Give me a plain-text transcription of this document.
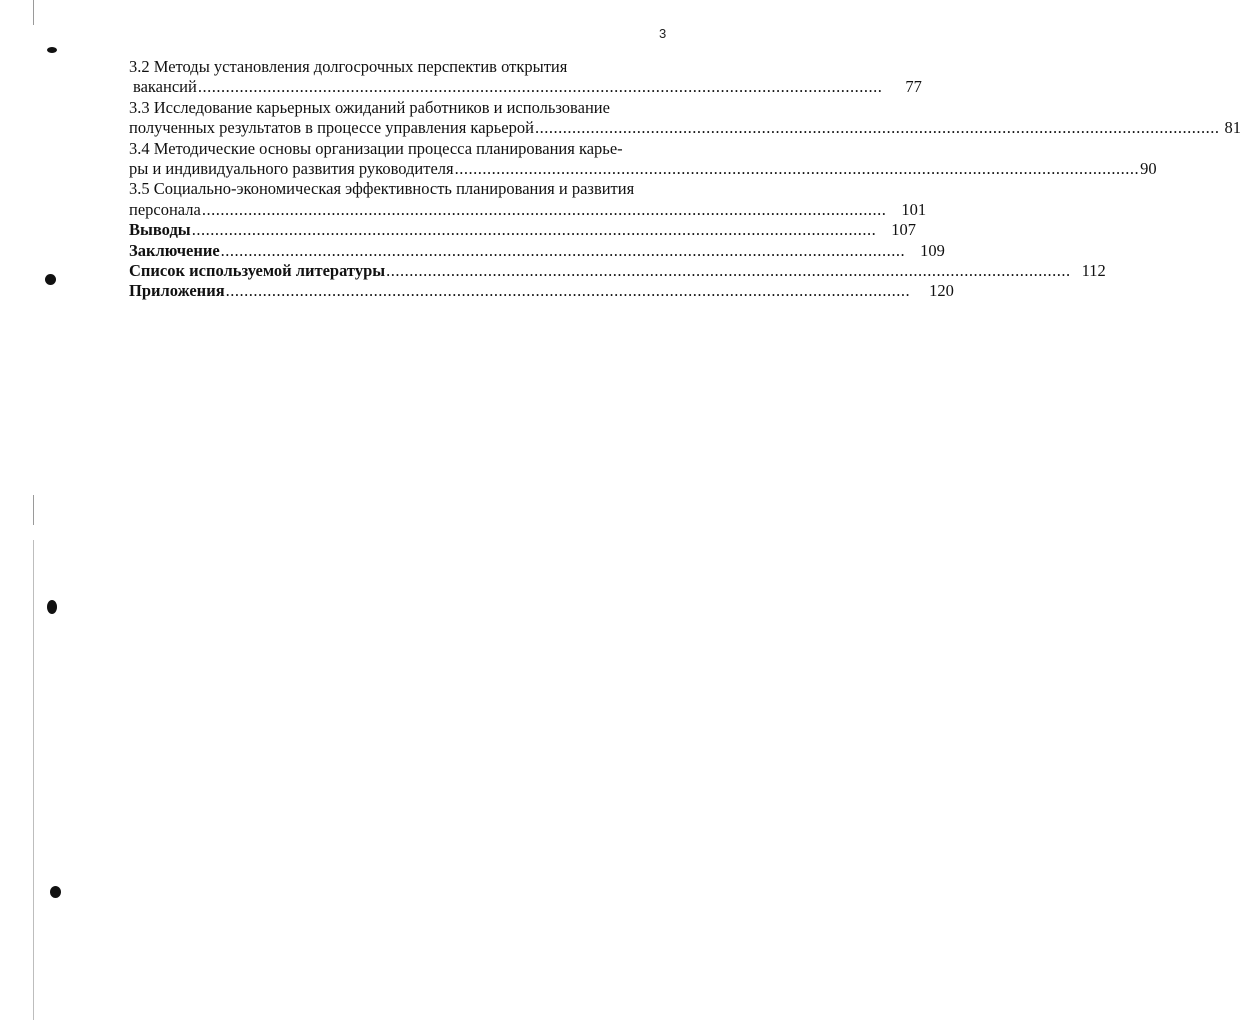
3
3.2 Методы установления долгосрочных перспектив открытия
вакансий ....................................................................................................................................................	77
3.3 Исследование карьерных ожиданий работников и использование
полученных результатов в процессе управления карьерой .................................................................................................................................................... 81
3.4 Методические основы организации процесса планирования карье-
ры и индивидуального развития руководителя .................................................................................................................................................... 90
3.5 Социально-экономическая эффективность планирования и развития
персонала .................................................................................................................................................... 101
Выводы .................................................................................................................................................... 107
Заключение .................................................................................................................................................... 109
Список используемой литературы .................................................................................................................................................... 112
Приложения ....................................................................................................................................................	120
